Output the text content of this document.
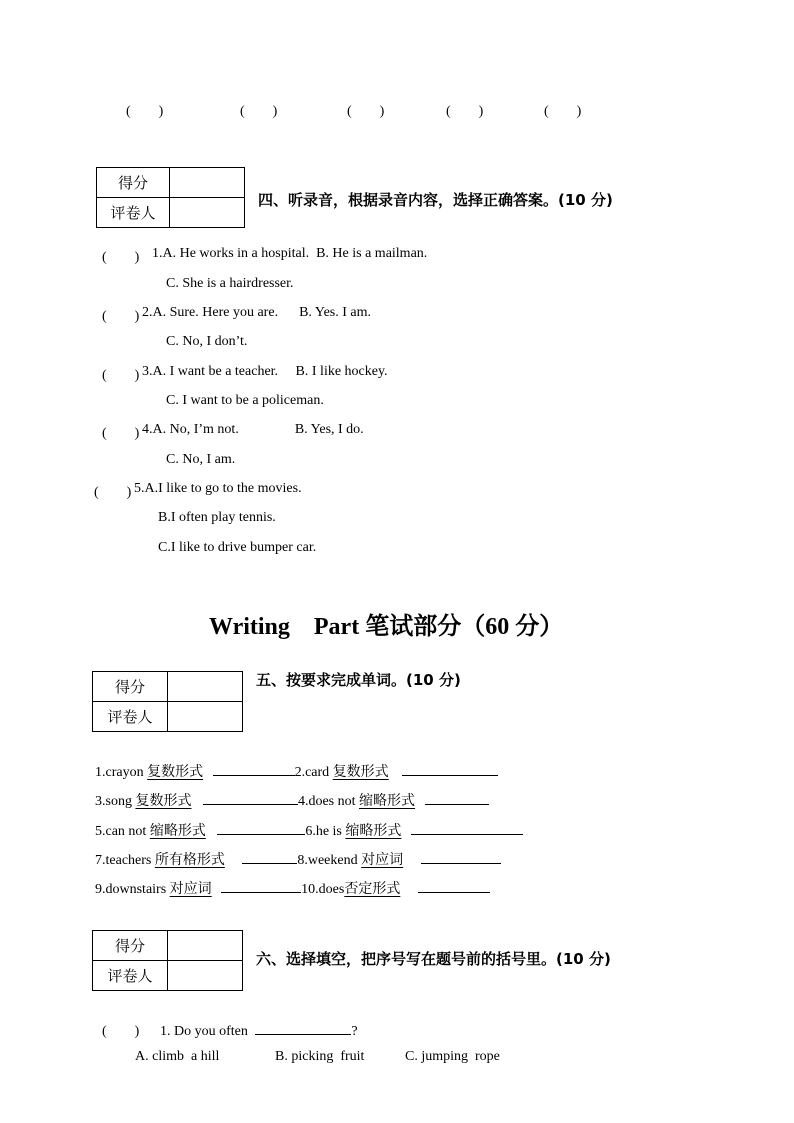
(　　)	(　　)	(　　)	(　　)	(　　)
得分	
评卷人	
四、听录音，根据录音内容，选择正确答案。(10 分)
(　　) 1.A. He works in a hospital.  B. He is a mailman.
C. She is a hairdresser.
(　　) 2.A. Sure. Here you are.      B. Yes. I am.
C. No, I don’t.
(　　) 3.A. I want be a teacher.     B. I like hockey.
C. I want to be a policeman.
(　　) 4.A. No, I’m not.                B. Yes, I do.
C. No, I am.
(　　) 5.A.I like to go to the movies.
B.I often play tennis.
C.I like to drive bumper car.
Writing    Part 笔试部分（60 分）
得分	
评卷人	
五、按要求完成单词。(10 分)
1.crayon 复数形式	2.card 复数形式
3.song 复数形式	4.does not 缩略形式
5.can not 缩略形式	6.he is 缩略形式
7.teachers 所有格形式	8.weekend 对应词
9.downstairs 对应词	10.does否定形式
得分	
评卷人	
六、选择填空，把序号写在题号前的括号里。(10 分)
(　　) 1. Do you often	?
A. climb  a hill	B. picking  fruit	C. jumping  rope
